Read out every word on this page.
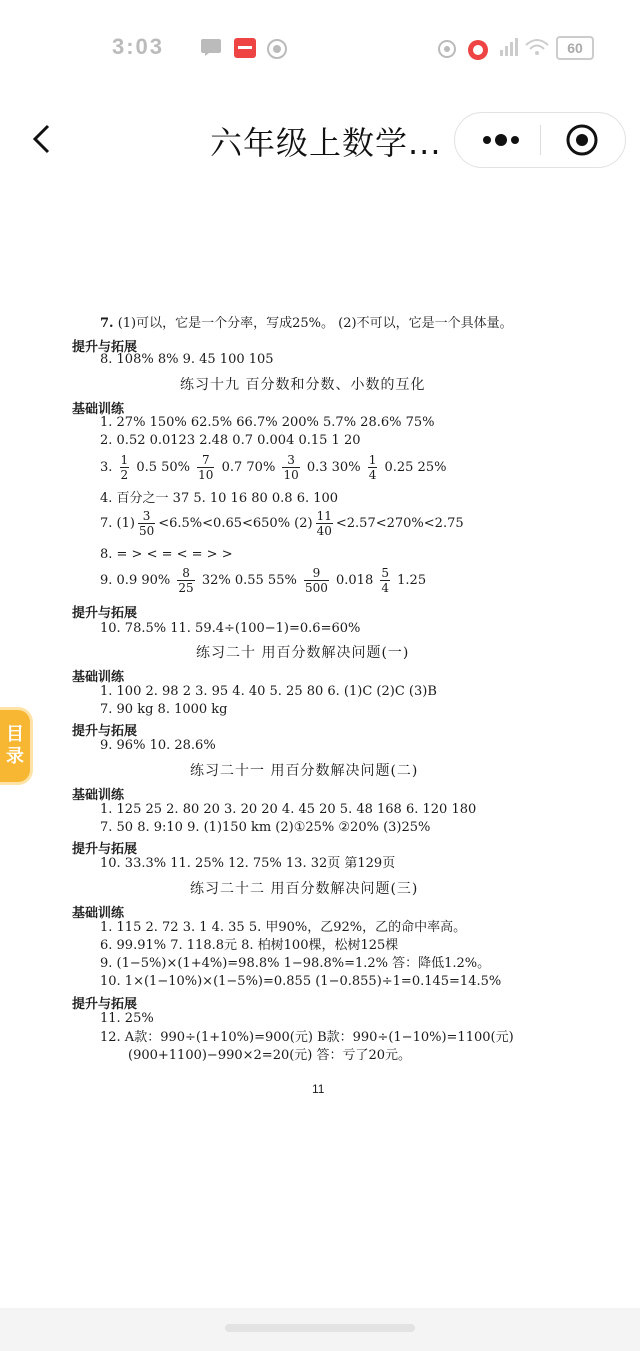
3:03	60
六年级上数学...
7. (1)可以，它是一个分率，写成25%。 (2)不可以，它是一个具体量。
提升与拓展
8. 108% 8% 9. 45 100 105
练习十九 百分数和分数、小数的互化
基础训练
1. 27% 150% 62.5% 66.7% 200% 5.7% 28.6% 75%
2. 0.52 0.0123 2.48 0.7 0.004 0.15 1 20
3. $\frac{1}{2} 0.5$ $50\% \frac{7}{10} 0.7$ $70\% \frac{3}{10} 0.3$ $30\% \frac{1}{4} 0.25$ 25%
4. 百分之一 37 5. 10 16 80 0.8 6. 100
7. $(1) \frac{3}{50} <6.5\%<0.65<650\%$ $(2) \frac{11}{40} <2.57<270\%<2.75$
8. = > < = < = > >
9. 0.9 $90\% \frac{8}{25} 32\%$ 0.55 $55\% \frac{9}{500} 0.018 \frac{5}{4} 1.25$
提升与拓展
10. 78.5% 11. 59.4÷(100−1)=0.6=60%
练习二十 用百分数解决问题(一)
基础训练
1. 100 2. 98 2 3. 95 4. 40 5. 25 80 6. (1)C (2)C (3)B
7. 90 kg 8. 1000 kg
提升与拓展
9. 96% 10. 28.6%
练习二十一 用百分数解决问题(二)
基础训练
1. 125 25 2. 80 20 3. 20 20 4. 45 20 5. 48 168 6. 120 180
7. 50 8. 9:10 9. (1)150 km (2)①25% ②20% (3)25%
提升与拓展
10. 33.3% 11. 25% 12. 75% 13. 32页 第129页
练习二十二 用百分数解决问题(三)
基础训练
1. 115 2. 72 3. 1 4. 35 5. 甲90%，乙92%，乙的命中率高。
6. 99.91% 7. 118.8元 8. 柏树100棵，松树125棵
9. (1−5%)×(1+4%)=98.8% 1−98.8%=1.2% 答：降低1.2%。
10. 1×(1−10%)×(1−5%)=0.855 (1−0.855)÷1=0.145=14.5%
提升与拓展
11. 25%
12. A款：990÷(1+10%)=900(元) B款：990÷(1−10%)=1100(元)
(900+1100)−990×2=20(元) 答：亏了20元。
11
目
录
